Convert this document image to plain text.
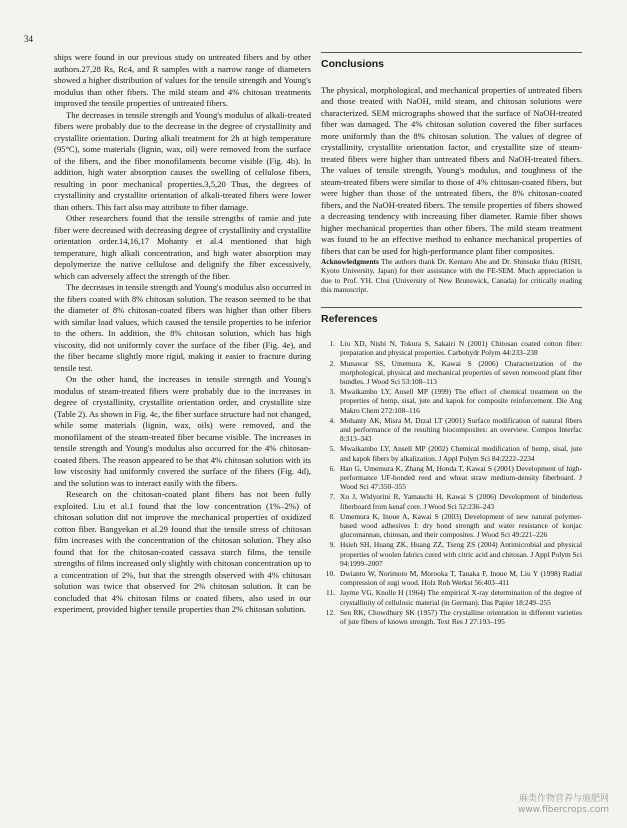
34

ships were found in our previous study on untreated fibers and by other authors.27,28 Rs, Rc4, and R samples with a narrow range of diameters showed a higher distribution of values for the tensile strength and Young's modulus than other fibers. The mild steam and 4% chitosan treatments improved the tensile properties of untreated fibers.

The decreases in tensile strength and Young's modulus of alkali-treated fibers were probably due to the decrease in the degree of crystallinity and crystallite orientation. During alkali treatment for 2h at high temperature (95°C), some materials (lignin, wax, oil) were removed from the surface of the fibers, and the fiber monofilaments become visible (Fig. 4b). In addition, high water absorption causes the swelling of cellulose fibers, resulting in poor mechanical properties.3,5,20 Thus, the degrees of crystallinity and crystallite orientation of alkali-treated fibers were lower than others. This fact also may attribute to fiber damage.

Other researchers found that the tensile strengths of ramie and jute fiber were decreased with decreasing degree of crystallinity and crystallite orientation order.14,16,17 Mohanty et al.4 mentioned that high temperature, high alkali concentration, and high water absorption may depolymerize the native cellulose and delignify the fiber excessively, which can adversely affect the strength of the fiber.

The decreases in tensile strength and Young's modulus also occurred in the fibers coated with 8% chitosan solution. The reason seemed to be that the diameter of 8% chitosan-coated fibers was higher than other fibers with similar load values, which caused the tensile properties to be inferior to the others. In addition, the 8% chitosan solution, which has high viscosity, did not uniformly cover the surface of the fiber (Fig. 4e), and the fiber became slightly more rigid, making it easier to fracture during tensile test.

On the other hand, the increases in tensile strength and Young's modulus of steam-treated fibers were probably due to the increases in degree of crystallinity, crystallite orientation order, and crystallite size (Table 2). As shown in Fig. 4c, the fiber surface structure had not changed, while some materials (lignin, wax, oils) were removed, and the monofilament of the steam-treated fiber became visible. The increases in tensile strength and Young's modulus also occurred for the 4% chitosan-coated fibers. The reason appeared to be that 4% chitosan solution with its low viscosity had uniformly covered the surface of the fibers (Fig. 4d), and the solution was to interact easily with the fibers.

Research on the chitosan-coated plant fibers has not been fully exploited. Liu et al.1 found that the low concentration (1%–2%) of chitosan solution did not improve the mechanical properties of oxidized cotton fiber. Bangyekan et al.29 found that the tensile stress of chitosan film increases with the concentration of the chitosan solution. They also found that for the chitosan-coated cassava starch films, the tensile strengths of films increased only slightly with chitosan concentration up to a concentration of 2%, but that the strength observed with 4% chitosan solution was twice that observed for 2% chitosan solution. It can be concluded that 4% chitosan films or coated fibers, also used in our experiment, provided higher tensile properties than 2% chitosan solution.

Conclusions

The physical, morphological, and mechanical properties of untreated fibers and those treated with NaOH, mild steam, and chitosan solutions were characterized. SEM micrographs showed that the surface of NaOH-treated fiber was damaged. The 4% chitosan solution covered the fiber surfaces more uniformly than the 8% chitosan solution. The values of degree of crystallinity, crystallite orientation factor, and crystallite size of steam-treated fibers were higher than untreated fibers and NaOH-treated fibers. The values of tensile strength, Young's modulus, and toughness of the steam-treated fibers were similar to those of 4% chitosan-coated fibers, but were higher than those of the untreated fibers, the 8% chitosan-coated fibers, and the NaOH-treated fibers. The tensile properties of fibers showed a decreasing tendency with increasing fiber diameter. Ramie fiber shows higher mechanical properties than other fibers. The mild steam treatment was found to be an effective method to enhance mechanical properties of fibers that can be used for high-performance plant fiber composites.

Acknowledgments The authors thank Dr. Kentaro Abe and Dr. Shinsuke Ifuku (RISH, Kyoto University, Japan) for their assistance with the FE-SEM. Much appreciation is due to Prof. YH. Chui (University of New Brunswick, Canada) for critically reading this manuscript.

References
1. Liu XD, Nishi N, Tokura S, Sakairi N (2001) Chitosan coated cotton fiber: preparation and physical properties. Carbohydr Polym 44:233–238
2. Munawar SS, Umemura K, Kawai S (2006) Characterization of the morphological, physical and mechanical properties of seven nonwood plant fiber bundles. J Wood Sci 53:108–113
3. Mwaikambo LY, Ansell MP (1999) The effect of chemical treatment on the properties of hemp, sisal, jute and kapok for composite reinforcement. Die Ang Makro Chem 272:108–116
4. Mohanty AK, Misra M, Drzal LT (2001) Surface modification of natural fibers and performance of the resulting biocomposites: an overview. Compos Interfac 8:313–343
5. Mwaikambo LY, Ansell MP (2002) Chemical modification of hemp, sisal, jute and kapok fibers by alkalization. J Appl Polym Sci 84:2222–2234
6. Han G, Umemura K, Zhang M, Honda T, Kawai S (2001) Development of high-performance UF-bonded reed and wheat straw medium-density fiberboard. J Wood Sci 47:350–355
7. Xu J, Widyorini R, Yamauchi H, Kawai S (2006) Development of binderless fiberboard from kenaf core. J Wood Sci 52:236–243
8. Umemura K, Inoue A, Kawai S (2003) Development of new natural polymer-based wood adhesives I: dry bond strength and water resistance of konjac glucomannan, chitosan, and their composites. J Wood Sci 49:221–226
9. Hsieh SH, Huang ZK, Huang ZZ, Tseng ZS (2004) Antimicrobial and physical properties of woolen fabrics cured with citric acid and chitosan. J Appl Polym Sci 94:1999–2007
10. Dwianto W, Norimoto M, Morooka T, Tanaka F, Inoue M, Liu Y (1998) Radial compression of sugi wood. Holz Roh Werkst 56:403–411
11. Jayme VG, Knolle H (1964) The empirical X-ray determination of the degree of crystallinity of cellulosic material (in German). Das Papier 18:249–255
12. Sen RK, Chowdhury SK (1957) The crystalline orientation in different varieties of jute fibers of known strength. Text Res J 27:193–195
麻类作物营养与施肥网
www.fibercrops.com
